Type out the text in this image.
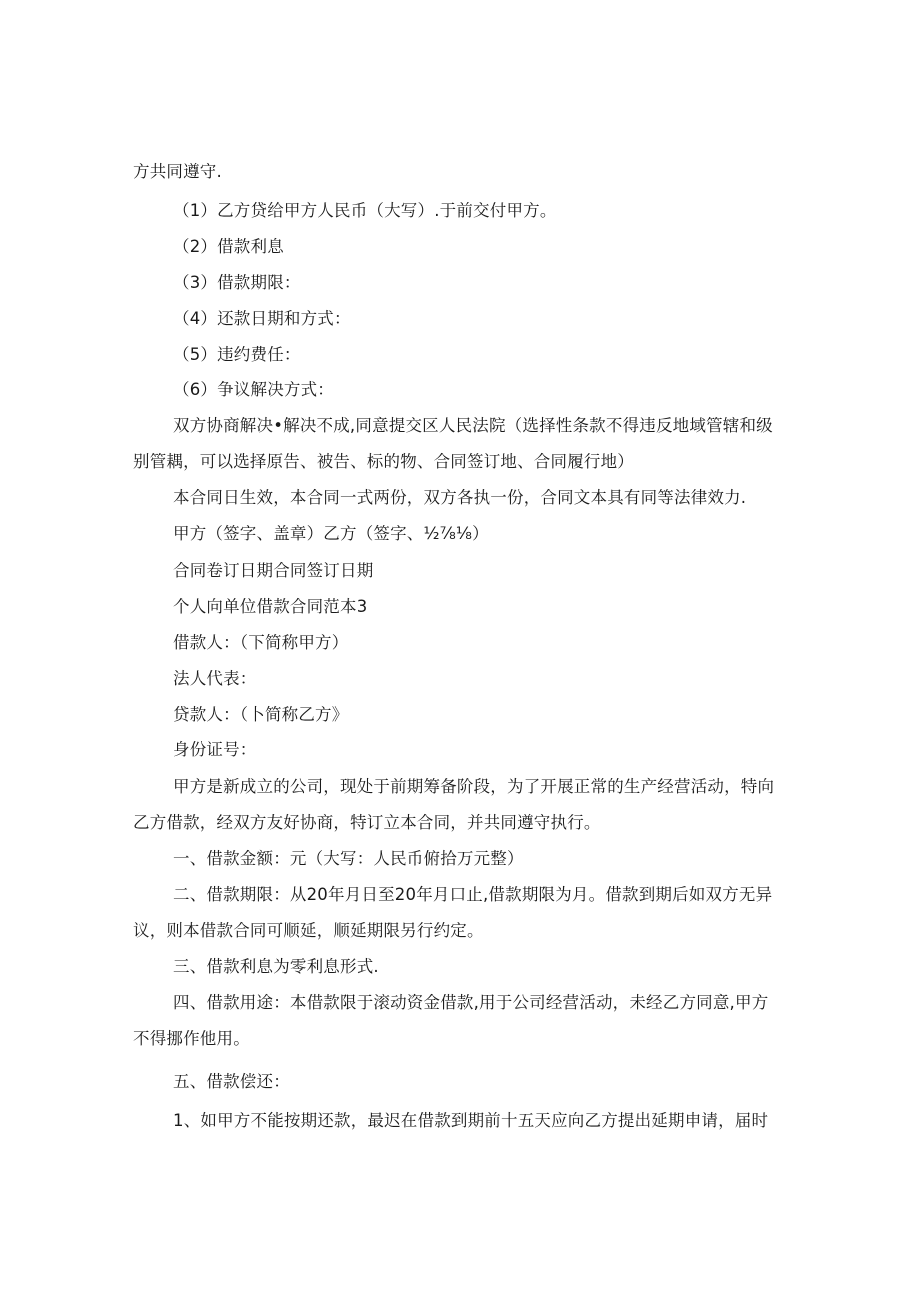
方共同遵守.
（1）乙方贷给甲方人民币（大写）.于前交付甲方。
（2）借款利息
（3）借款期限：
（4）还款日期和方式：
（5）违约费任：
（6）争议解决方式：
双方协商解决•解决不成,同意提交区人民法院（选择性条款不得违反地域管辖和级
别管耦，可以选择原告、被告、标的物、合同签订地、合同履行地）
本合同日生效，本合同一式两份，双方各执一份，合同文本具有同等法律效力.
甲方（签字、盖章）乙方（签字、½⅞⅛）
合同卷订日期合同签订日期
个人向单位借款合同范本3
借款人：（下简称甲方）
法人代表：
贷款人：（卜简称乙方》
身份证号：
甲方是新成立的公司，现处于前期筹备阶段，为了开展正常的生产经营活动，特向
乙方借款，经双方友好协商，特订立本合同，并共同遵守执行。
一、借款金额：元（大写：人民币俯拾万元整）
二、借款期限：从20年月日至20年月口止,借款期限为月。借款到期后如双方无异
议，则本借款合同可顺延，顺延期限另行约定。
三、借款利息为零利息形式.
四、借款用途：本借款限于滚动资金借款,用于公司经营活动，未经乙方同意,甲方
不得挪作他用。
五、借款偿还：
1、如甲方不能按期还款，最迟在借款到期前十五天应向乙方提出延期申请，届时
